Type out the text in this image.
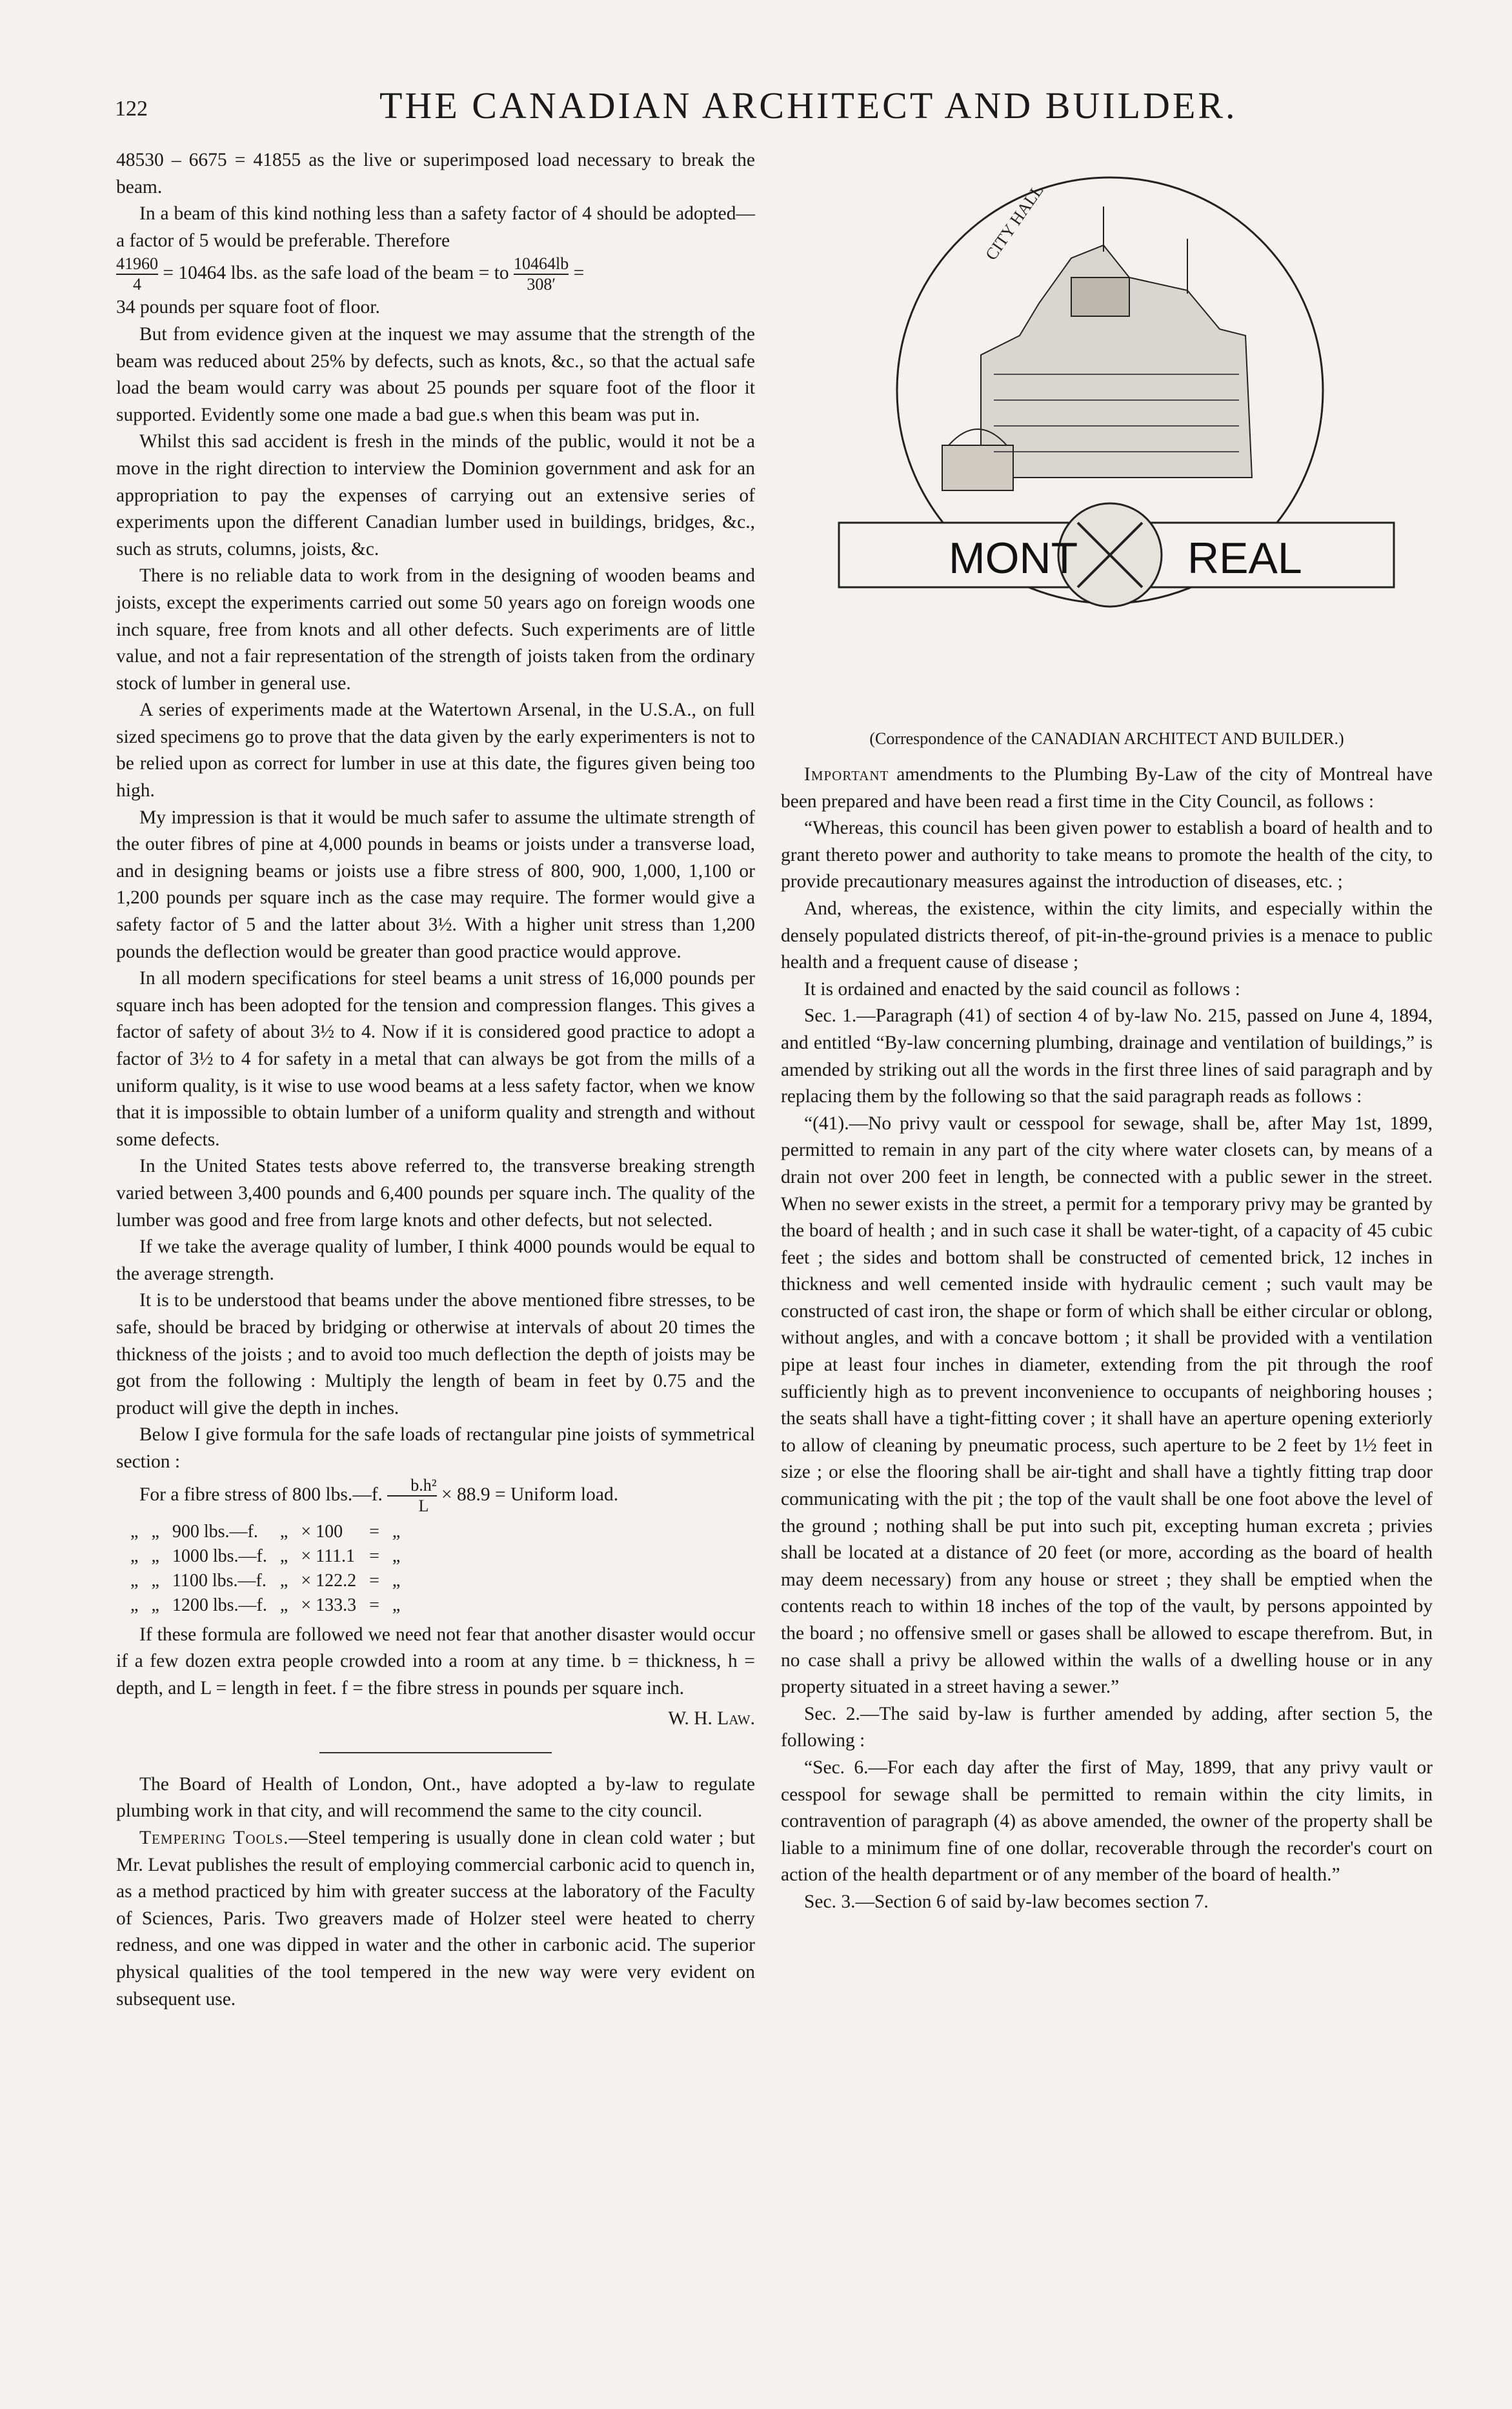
122	THE CANADIAN ARCHITECT AND BUILDER.

48530 – 6675 = 41855 as the live or superimposed load necessary to break the beam.

In a beam of this kind nothing less than a safety factor of 4 should be adopted—a factor of 5 would be preferable. Therefore

$\frac{41960}{4} = 10464$ lbs. as the safe load of the beam = to $\frac{10464lb}{308'}$ =

34 pounds per square foot of floor.

But from evidence given at the inquest we may assume that the strength of the beam was reduced about 25% by defects, such as knots, &c., so that the actual safe load the beam would carry was about 25 pounds per square foot of the floor it supported. Evidently some one made a bad gue.s when this beam was put in.

Whilst this sad accident is fresh in the minds of the public, would it not be a move in the right direction to interview the Dominion government and ask for an appropriation to pay the expenses of carrying out an extensive series of experiments upon the different Canadian lumber used in buildings, bridges, &c., such as struts, columns, joists, &c.

There is no reliable data to work from in the designing of wooden beams and joists, except the experiments carried out some 50 years ago on foreign woods one inch square, free from knots and all other defects. Such experiments are of little value, and not a fair representation of the strength of joists taken from the ordinary stock of lumber in general use.

A series of experiments made at the Watertown Arsenal, in the U.S.A., on full sized specimens go to prove that the data given by the early experimenters is not to be relied upon as correct for lumber in use at this date, the figures given being too high.

My impression is that it would be much safer to assume the ultimate strength of the outer fibres of pine at 4,000 pounds in beams or joists under a transverse load, and in designing beams or joists use a fibre stress of 800, 900, 1,000, 1,100 or 1,200 pounds per square inch as the case may require. The former would give a safety factor of 5 and the latter about 3½. With a higher unit stress than 1,200 pounds the deflection would be greater than good practice would approve.

In all modern specifications for steel beams a unit stress of 16,000 pounds per square inch has been adopted for the tension and compression flanges. This gives a factor of safety of about 3½ to 4. Now if it is considered good practice to adopt a factor of 3½ to 4 for safety in a metal that can always be got from the mills of a uniform quality, is it wise to use wood beams at a less safety factor, when we know that it is impossible to obtain lumber of a uniform quality and strength and without some defects.

In the United States tests above referred to, the transverse breaking strength varied between 3,400 pounds and 6,400 pounds per square inch. The quality of the lumber was good and free from large knots and other defects, but not selected.

If we take the average quality of lumber, I think 4000 pounds would be equal to the average strength.

It is to be understood that beams under the above mentioned fibre stresses, to be safe, should be braced by bridging or otherwise at intervals of about 20 times the thickness of the joists ; and to avoid too much deflection the depth of joists may be got from the following : Multiply the length of beam in feet by 0.75 and the product will give the depth in inches.

Below I give formula for the safe loads of rectangular pine joists of symmetrical section :

For a fibre stress of 800 lbs.—f. $\frac{\text{b.h²}}{L} \times 88.9$ = Uniform load.

„	„	900 lbs.—f.	„	× 100	=	„
„	„	1000 lbs.—f.	„	× 111.1	=	„
„	„	1100 lbs.—f.	„	× 122.2	=	„
„	„	1200 lbs.—f.	„	× 133.3	=	„

If these formula are followed we need not fear that another disaster would occur if a few dozen extra people crowded into a room at any time. b = thickness, h = depth, and L = length in feet. f = the fibre stress in pounds per square inch.

W. H. Law.

The Board of Health of London, Ont., have adopted a by-law to regulate plumbing work in that city, and will recommend the same to the city council.

Tempering Tools.—Steel tempering is usually done in clean cold water ; but Mr. Levat publishes the result of employing commercial carbonic acid to quench in, as a method practiced by him with greater success at the laboratory of the Faculty of Sciences, Paris. Two greavers made of Holzer steel were heated to cherry redness, and one was dipped in water and the other in carbonic acid. The superior physical qualities of the tool tempered in the new way were very evident on subsequent use.

CITY HALL
MONT REAL
(Correspondence of the CANADIAN ARCHITECT AND BUILDER.)

Important amendments to the Plumbing By-Law of the city of Montreal have been prepared and have been read a first time in the City Council, as follows :

“Whereas, this council has been given power to establish a board of health and to grant thereto power and authority to take means to promote the health of the city, to provide precautionary measures against the introduction of diseases, etc. ;

And, whereas, the existence, within the city limits, and especially within the densely populated districts thereof, of pit-in-the-ground privies is a menace to public health and a frequent cause of disease ;

It is ordained and enacted by the said council as follows :

Sec. 1.—Paragraph (41) of section 4 of by-law No. 215, passed on June 4, 1894, and entitled “By-law concerning plumbing, drainage and ventilation of buildings,” is amended by striking out all the words in the first three lines of said paragraph and by replacing them by the following so that the said paragraph reads as follows :

“(41).—No privy vault or cesspool for sewage, shall be, after May 1st, 1899, permitted to remain in any part of the city where water closets can, by means of a drain not over 200 feet in length, be connected with a public sewer in the street. When no sewer exists in the street, a permit for a temporary privy may be granted by the board of health ; and in such case it shall be water-tight, of a capacity of 45 cubic feet ; the sides and bottom shall be constructed of cemented brick, 12 inches in thickness and well cemented inside with hydraulic cement ; such vault may be constructed of cast iron, the shape or form of which shall be either circular or oblong, without angles, and with a concave bottom ; it shall be provided with a ventilation pipe at least four inches in diameter, extending from the pit through the roof sufficiently high as to prevent inconvenience to occupants of neighboring houses ; the seats shall have a tight-fitting cover ; it shall have an aperture opening exteriorly to allow of cleaning by pneumatic process, such aperture to be 2 feet by 1½ feet in size ; or else the flooring shall be air-tight and shall have a tightly fitting trap door communicating with the pit ; the top of the vault shall be one foot above the level of the ground ; nothing shall be put into such pit, excepting human excreta ; privies shall be located at a distance of 20 feet (or more, according as the board of health may deem necessary) from any house or street ; they shall be emptied when the contents reach to within 18 inches of the top of the vault, by persons appointed by the board ; no offensive smell or gases shall be allowed to escape therefrom. But, in no case shall a privy be allowed within the walls of a dwelling house or in any property situated in a street having a sewer.”

Sec. 2.—The said by-law is further amended by adding, after section 5, the following :

“Sec. 6.—For each day after the first of May, 1899, that any privy vault or cesspool for sewage shall be permitted to remain within the city limits, in contravention of paragraph (4) as above amended, the owner of the property shall be liable to a minimum fine of one dollar, recoverable through the recorder's court on action of the health department or of any member of the board of health.”

Sec. 3.—Section 6 of said by-law becomes section 7.
